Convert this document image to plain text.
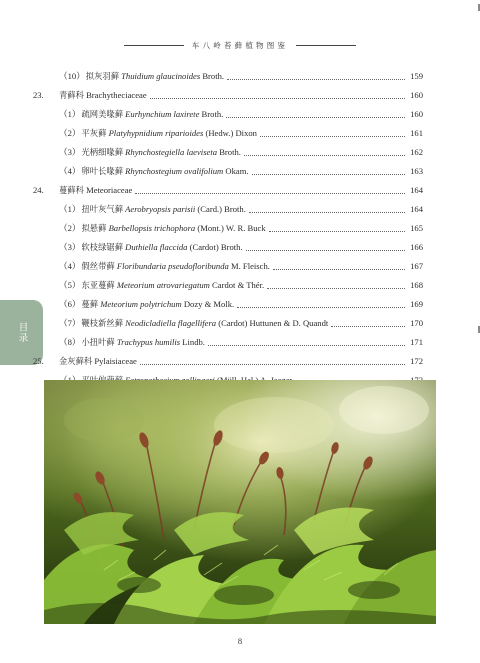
车八岭苔藓植物图鉴
目录
（10） 拟灰羽藓 Thuidium glaucinoides Broth.	159
23.	青藓科 Brachytheciaceae	160
（1） 疏网美喙藓 Eurhynchium laxirete Broth.	160
（2） 平灰藓 Platyhypnidium riparioides (Hedw.) Dixon	161
（3） 光柄细喙藓 Rhynchostegiella laeviseta Broth.	162
（4） 卵叶长喙藓 Rhynchostegium ovalifolium Okam.	163
24.	蔓藓科 Meteoriaceae	164
（1） 扭叶灰气藓 Aerobryopsis parisii (Card.) Broth.	164
（2） 拟悬藓 Barbellopsis trichophora (Mont.) W. R. Buck	165
（3） 软枝绿锯藓 Duthiella flaccida (Cardot) Broth.	166
（4） 假丝带藓 Floribundaria pseudofloribunda M. Fleisch.	167
（5） 东亚蔓藓 Meteorium atrovariegatum Cardot & Thér.	168
（6） 蔓藓 Meteorium polytrichum Dozy & Molk.	169
（7） 鞭枝新丝藓 Neodicladiella flagellifera (Cardot) Huttunen & D. Quandt	170
（8） 小扭叶藓 Trachypus humilis Lindb.	171
25.	金灰藓科 Pylaisiaceae	172
8
